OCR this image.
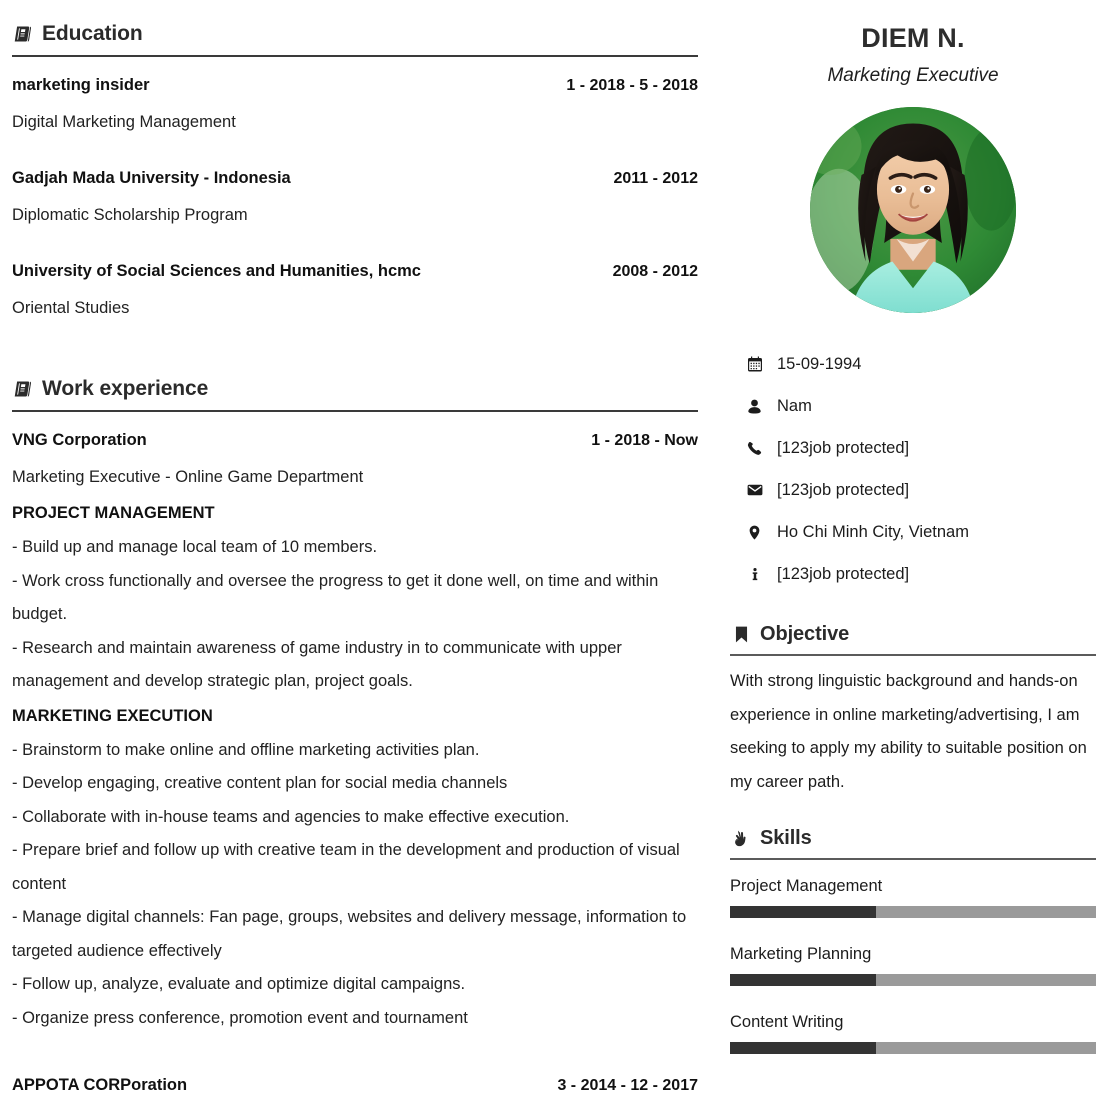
Education
marketing insider	1 - 2018 - 5 - 2018
Digital Marketing Management
Gadjah Mada University - Indonesia	2011 - 2012
Diplomatic Scholarship Program
University of Social Sciences and Humanities, hcmc	2008 - 2012
Oriental Studies
Work experience
VNG Corporation	1 - 2018 - Now
Marketing Executive - Online Game Department
PROJECT MANAGEMENT
- Build up and manage local team of 10 members.
- Work cross functionally and oversee the progress to get it done well, on time and within budget.
- Research and maintain awareness of game industry in to communicate with upper management and develop strategic plan, project goals.
MARKETING EXECUTION
- Brainstorm to make online and offline marketing activities plan.
- Develop engaging, creative content plan for social media channels
- Collaborate with in-house teams and agencies to make effective execution.
- Prepare brief and follow up with creative team in the development and production of visual content
- Manage digital channels: Fan page, groups, websites and delivery message, information to targeted audience effectively
- Follow up, analyze, evaluate and optimize digital campaigns.
- Organize press conference, promotion event and tournament
APPOTA CORPoration	3 - 2014 - 12 - 2017
DIEM N.
Marketing Executive
15-09-1994
Nam
[123job protected]
[123job protected]
Ho Chi Minh City, Vietnam
[123job protected]
Objective
With strong linguistic background and hands-on experience in online marketing/advertising, I am seeking to apply my ability to suitable position on my career path.
Skills
Project Management
Marketing Planning
Content Writing
